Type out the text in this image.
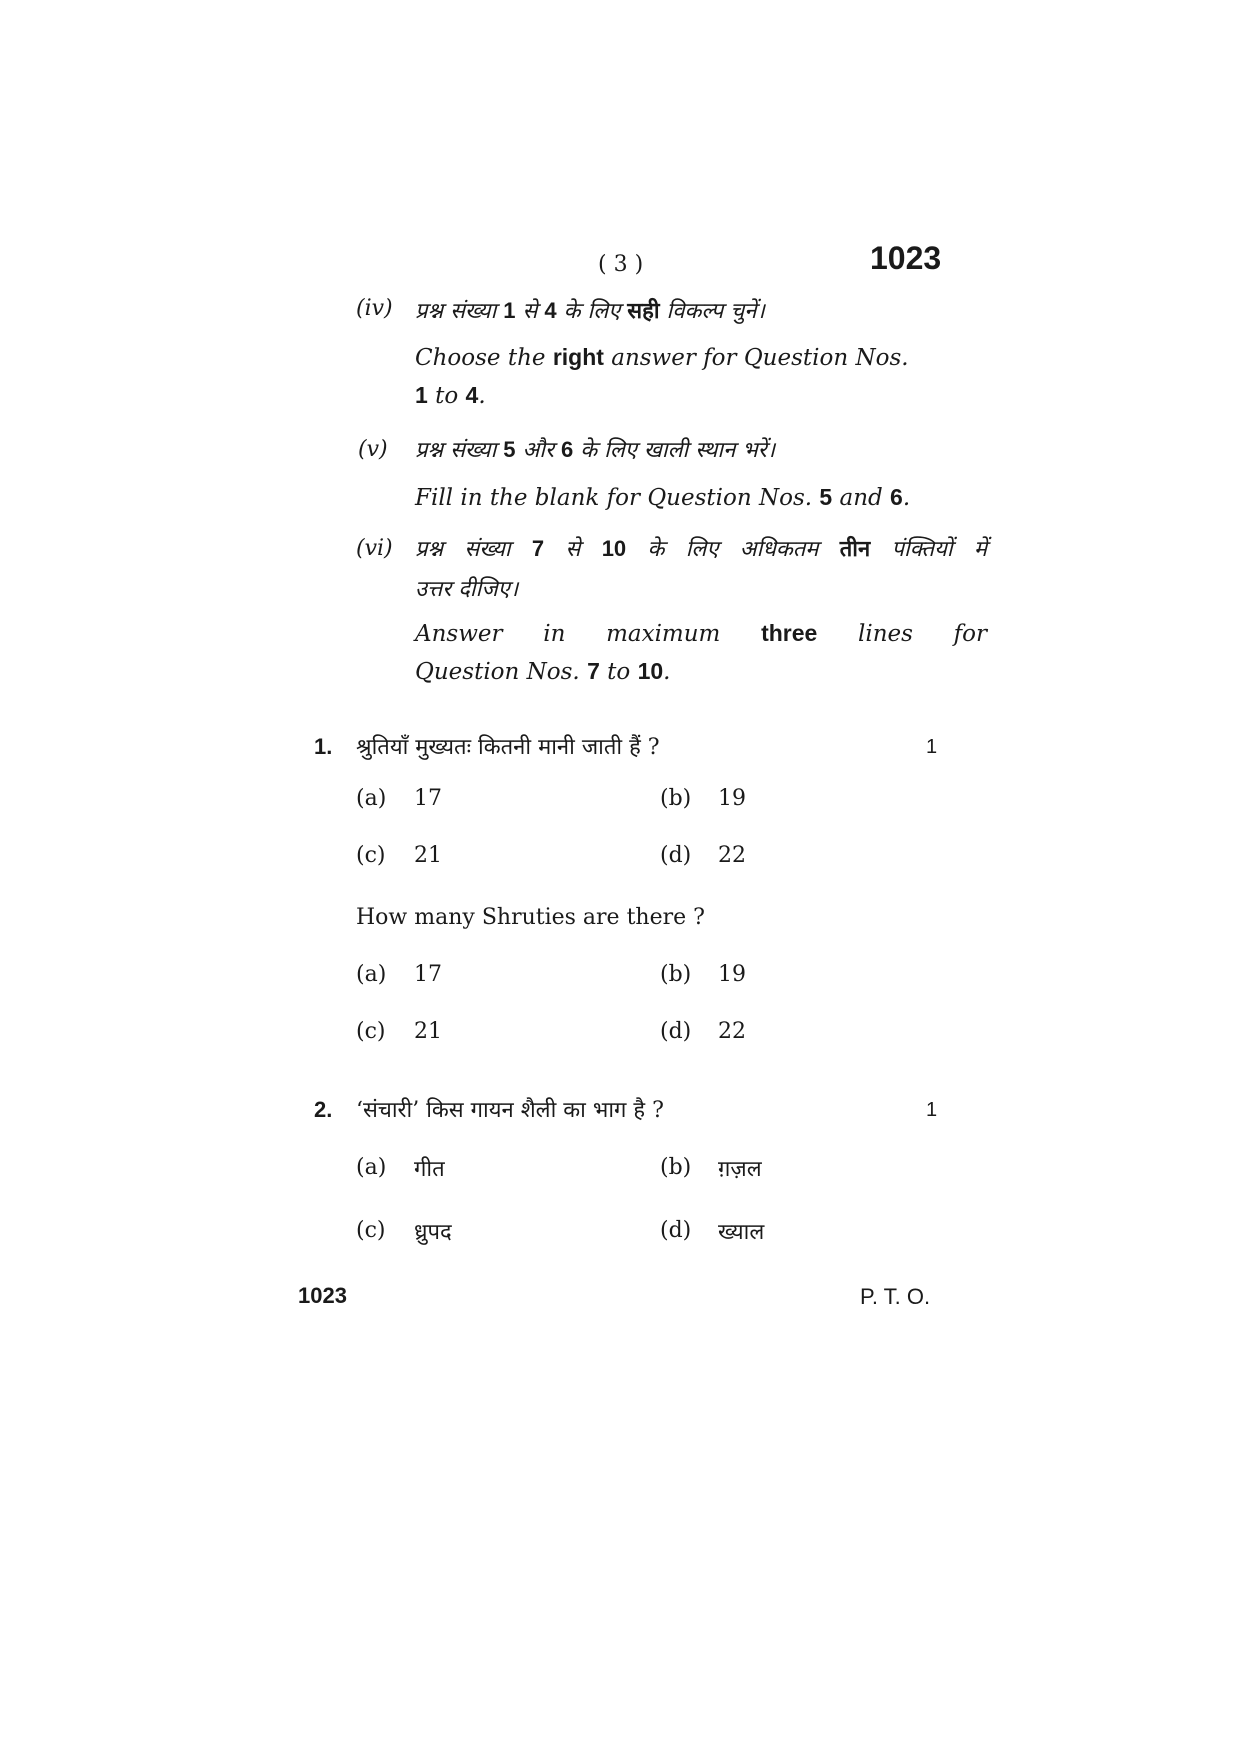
( 3 )	1023
(iv) प्रश्न संख्या 1 से 4 के लिए सही विकल्प चुनें।
Choose the right answer for Question Nos.
1 to 4.
(v) प्रश्न संख्या 5 और 6 के लिए खाली स्थान भरें।
Fill in the blank for Question Nos. 5 and 6.
(vi) प्रश्न संख्या 7 से 10 के लिए अधिकतम तीन पंक्तियों में
उत्तर दीजिए।
Answer in maximum three lines for
Question Nos. 7 to 10.
1. श्रुतियाँ मुख्यतः कितनी मानी जाती हैं ?	1
(a) 17	(b) 19
(c) 21	(d) 22
How many Shruties are there ?
(a) 17	(b) 19
(c) 21	(d) 22
2. ‘संचारी’ किस गायन शैली का भाग है ?	1
(a) गीत	(b) ग़ज़ल
(c) ध्रुपद	(d) ख्याल
1023	P. T. O.
